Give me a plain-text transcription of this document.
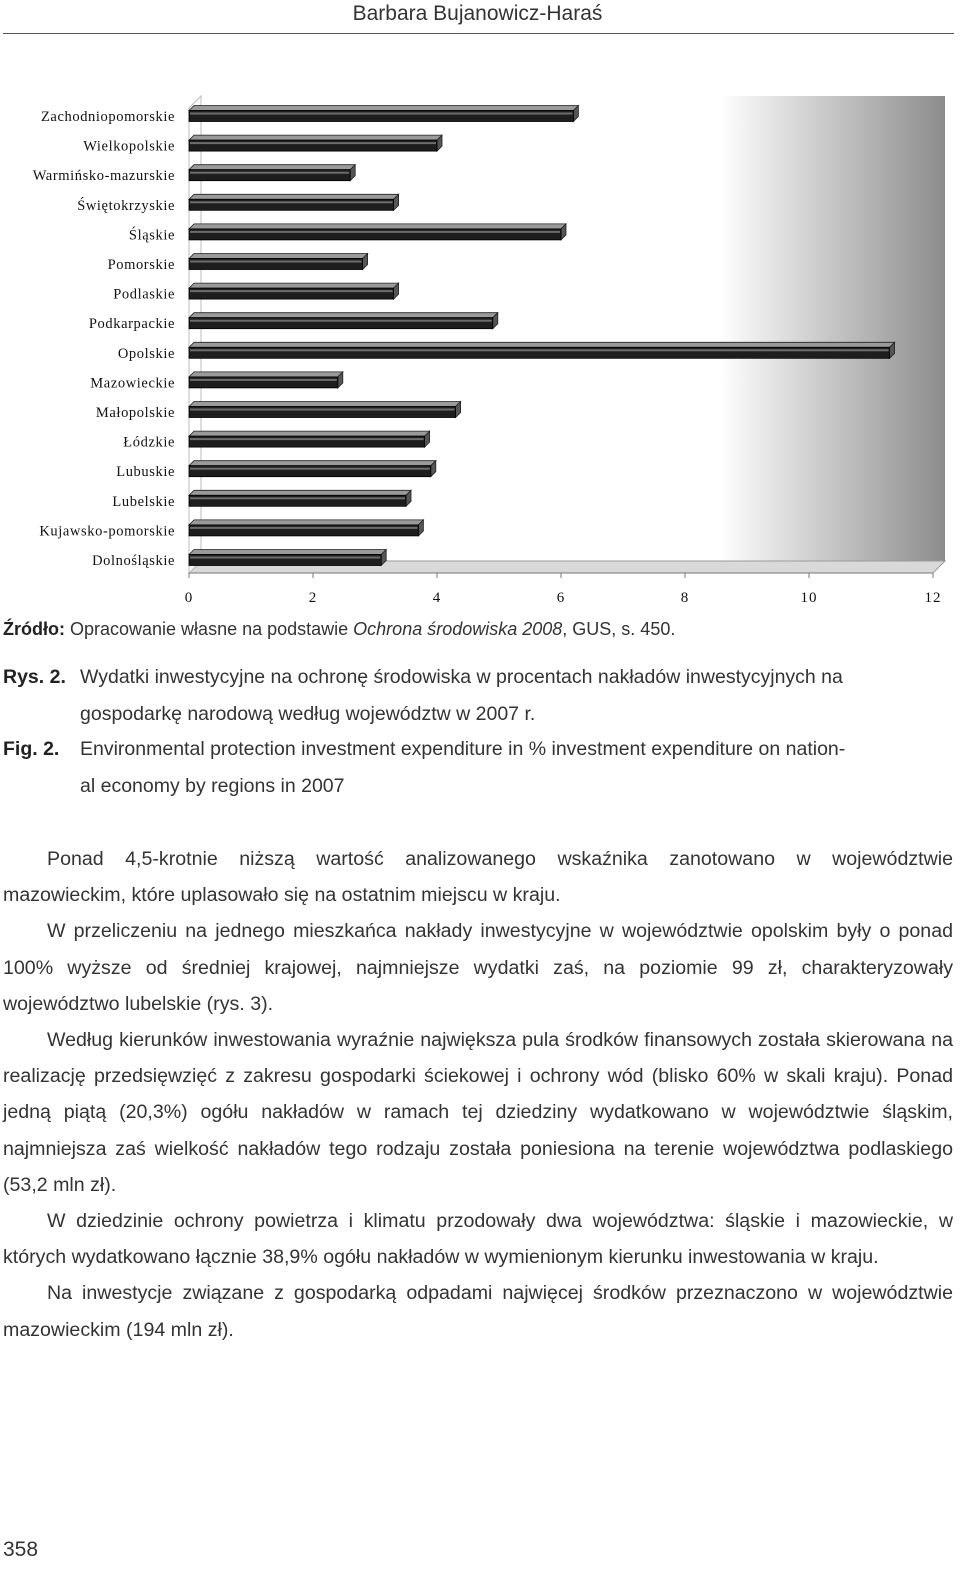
Barbara Bujanowicz-Haraś
Zachodniopomorskie
Wielkopolskie
Warmińsko-mazurskie
Świętokrzyskie
Śląskie
Pomorskie
Podlaskie
Podkarpackie
Opolskie
Mazowieckie
Małopolskie
Łódzkie
Lubuskie
Lubelskie
Kujawsko-pomorskie
Dolnośląskie
0	2	4	6	8	10	12
Źródło: Opracowanie własne na podstawie Ochrona środowiska 2008, GUS, s. 450.
Rys. 2. Wydatki inwestycyjne na ochronę środowiska w procentach nakładów inwestycyjnych na
gospodarkę narodową według województw w 2007 r.
Fig. 2. Environmental protection investment expenditure in % investment expenditure on nation-
al economy by regions in 2007

Ponad 4,5-krotnie niższą wartość analizowanego wskaźnika zanotowano w województwie mazowieckim, które uplasowało się na ostatnim miejscu w kraju.

W przeliczeniu na jednego mieszkańca nakłady inwestycyjne w województwie opolskim były o ponad 100% wyższe od średniej krajowej, najmniejsze wydatki zaś, na poziomie 99 zł, charakteryzowały województwo lubelskie (rys. 3).

Według kierunków inwestowania wyraźnie największa pula środków finansowych została skierowana na realizację przedsięwzięć z zakresu gospodarki ściekowej i ochrony wód (blisko 60% w skali kraju). Ponad jedną piątą (20,3%) ogółu nakładów w ramach tej dziedziny wydatkowano w województwie śląskim, najmniejsza zaś wielkość nakładów tego rodzaju została poniesiona na terenie województwa podlaskiego (53,2 mln zł).

W dziedzinie ochrony powietrza i klimatu przodowały dwa województwa: śląskie i mazowieckie, w których wydatkowano łącznie 38,9% ogółu nakładów w wymienionym kierunku inwestowania w kraju.

Na inwestycje związane z gospodarką odpadami najwięcej środków przeznaczono w województwie mazowieckim (194 mln zł).

358
